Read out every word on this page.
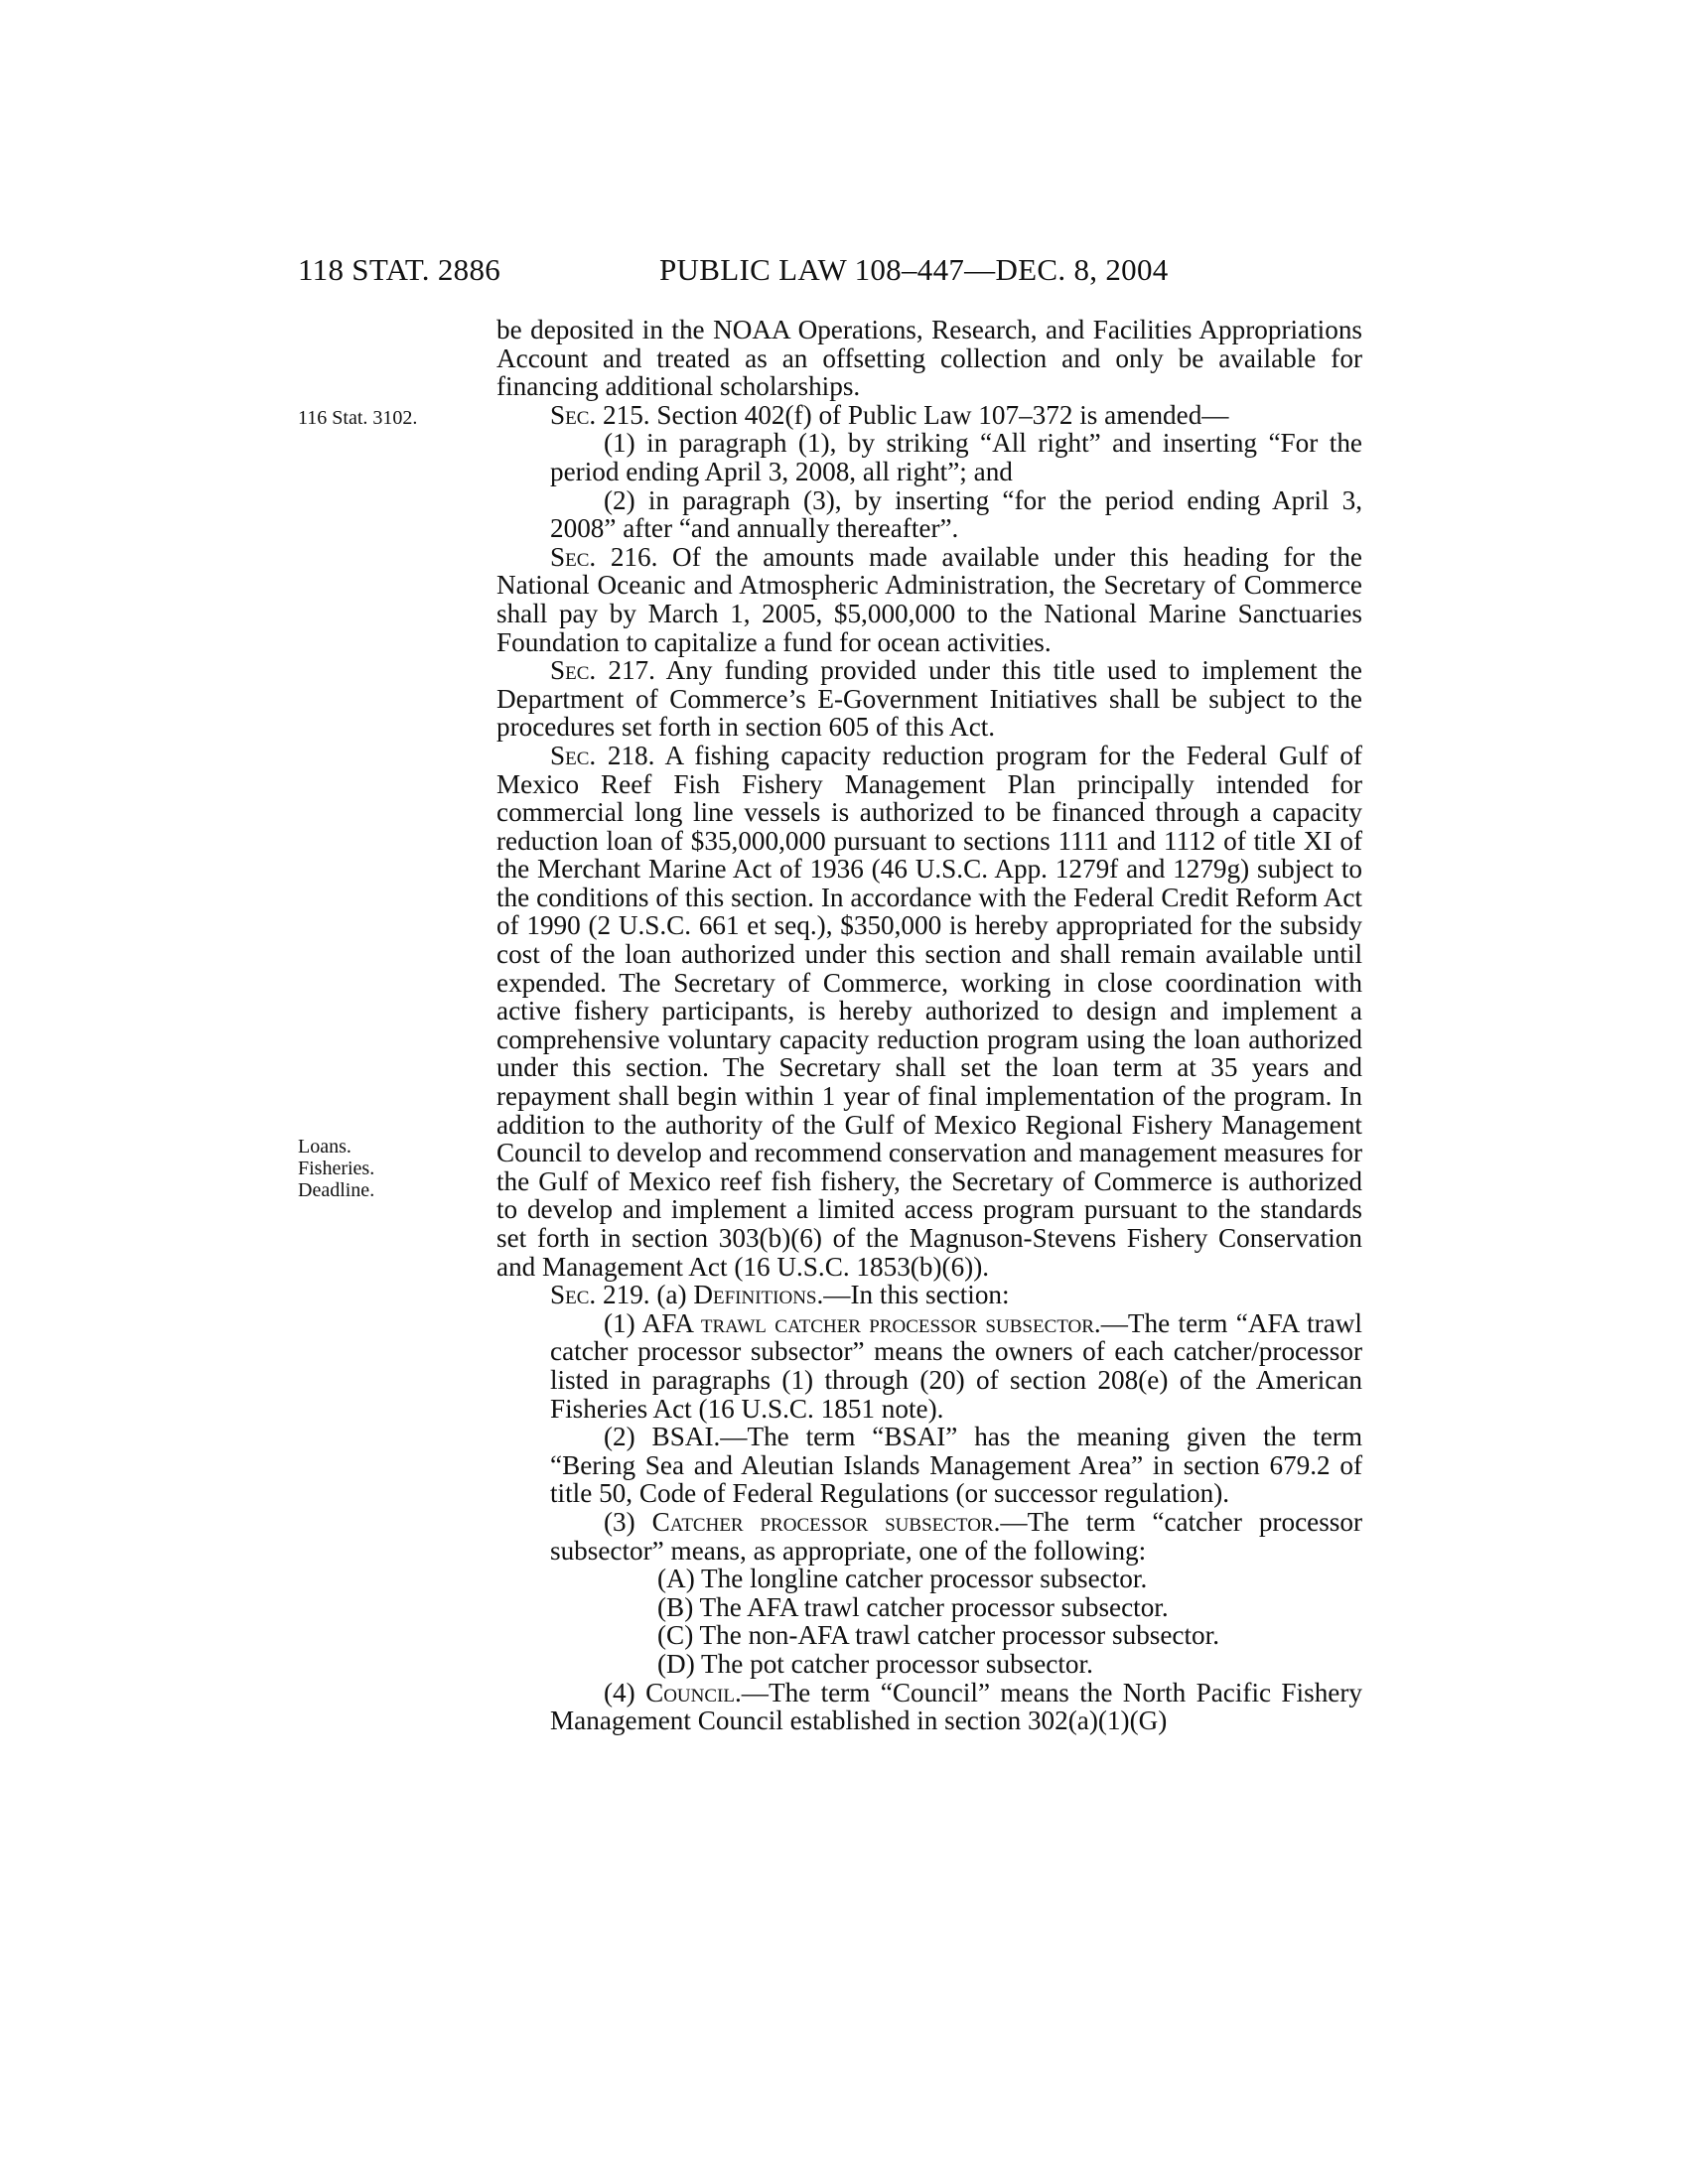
118 STAT. 2886	PUBLIC LAW 108–447—DEC. 8, 2004
116 Stat. 3102.
Loans.
Fisheries.
Deadline.

be deposited in the NOAA Operations, Research, and Facilities Appropriations Account and treated as an offsetting collection and only be available for financing additional scholarships.

Sec. 215. Section 402(f) of Public Law 107–372 is amended—

(1) in paragraph (1), by striking “All right” and inserting “For the period ending April 3, 2008, all right”; and

(2) in paragraph (3), by inserting “for the period ending April 3, 2008” after “and annually thereafter”.

Sec. 216. Of the amounts made available under this heading for the National Oceanic and Atmospheric Administration, the Secretary of Commerce shall pay by March 1, 2005, $5,000,000 to the National Marine Sanctuaries Foundation to capitalize a fund for ocean activities.

Sec. 217. Any funding provided under this title used to implement the Department of Commerce’s E-Government Initiatives shall be subject to the procedures set forth in section 605 of this Act.

Sec. 218. A fishing capacity reduction program for the Federal Gulf of Mexico Reef Fish Fishery Management Plan principally intended for commercial long line vessels is authorized to be financed through a capacity reduction loan of $35,000,000 pursuant to sections 1111 and 1112 of title XI of the Merchant Marine Act of 1936 (46 U.S.C. App. 1279f and 1279g) subject to the conditions of this section. In accordance with the Federal Credit Reform Act of 1990 (2 U.S.C. 661 et seq.), $350,000 is hereby appropriated for the subsidy cost of the loan authorized under this section and shall remain available until expended. The Secretary of Commerce, working in close coordination with active fishery participants, is hereby authorized to design and implement a comprehensive voluntary capacity reduction program using the loan authorized under this section. The Secretary shall set the loan term at 35 years and repayment shall begin within 1 year of final implementation of the program. In addition to the authority of the Gulf of Mexico Regional Fishery Management Council to develop and recommend conservation and management measures for the Gulf of Mexico reef fish fishery, the Secretary of Commerce is authorized to develop and implement a limited access program pursuant to the standards set forth in section 303(b)(6) of the Magnuson-Stevens Fishery Conservation and Management Act (16 U.S.C. 1853(b)(6)).

Sec. 219. (a) Definitions.—In this section:

(1) AFA trawl catcher processor subsector.—The term “AFA trawl catcher processor subsector” means the owners of each catcher/processor listed in paragraphs (1) through (20) of section 208(e) of the American Fisheries Act (16 U.S.C. 1851 note).

(2) BSAI.—The term “BSAI” has the meaning given the term “Bering Sea and Aleutian Islands Management Area” in section 679.2 of title 50, Code of Federal Regulations (or successor regulation).

(3) Catcher processor subsector.—The term “catcher processor subsector” means, as appropriate, one of the following:

(A) The longline catcher processor subsector.

(B) The AFA trawl catcher processor subsector.

(C) The non-AFA trawl catcher processor subsector.

(D) The pot catcher processor subsector.

(4) Council.—The term “Council” means the North Pacific Fishery Management Council established in section 302(a)(1)(G)
